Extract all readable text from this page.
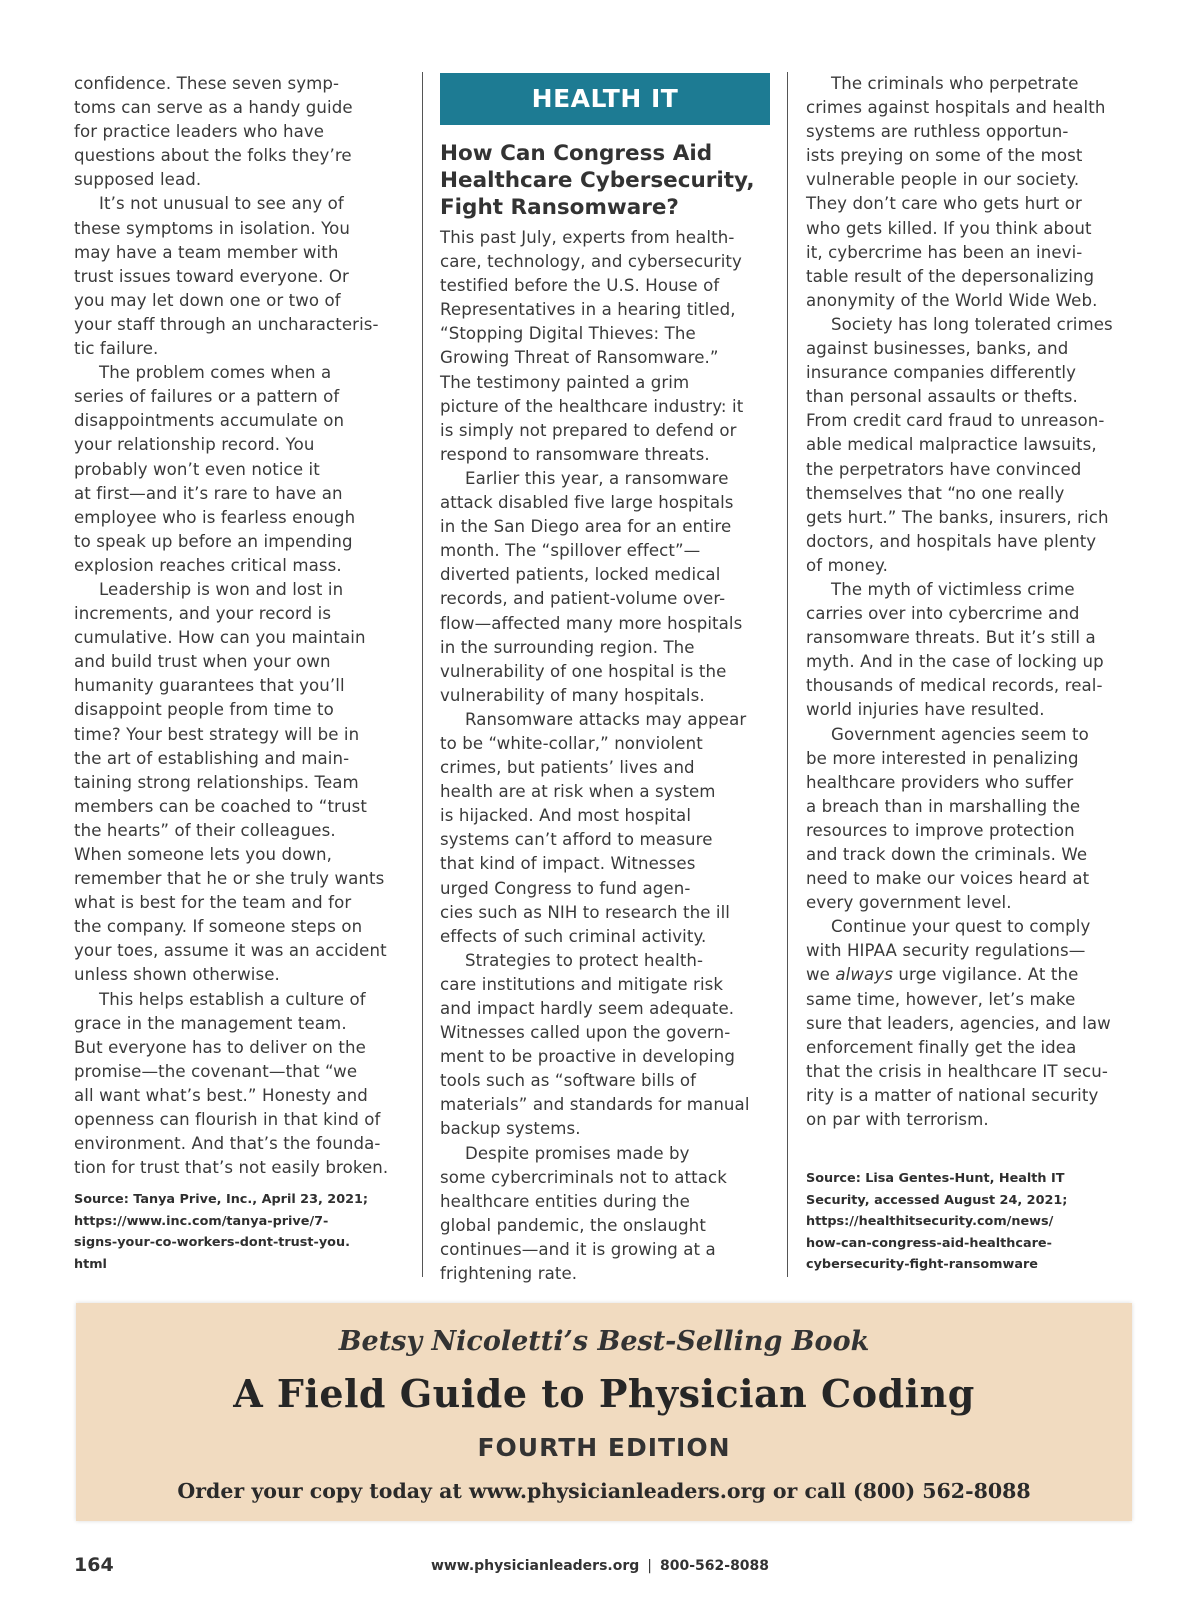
confidence. These seven symp-

toms can serve as a handy guide

for practice leaders who have

questions about the folks they’re

supposed lead.

It’s not unusual to see any of

these symptoms in isolation. You

may have a team member with

trust issues toward everyone. Or

you may let down one or two of

your staff through an uncharacteris-

tic failure.

The problem comes when a

series of failures or a pattern of

disappointments accumulate on

your relationship record. You

probably won’t even notice it

at first—and it’s rare to have an

employee who is fearless enough

to speak up before an impending

explosion reaches critical mass.

Leadership is won and lost in

increments, and your record is

cumulative. How can you maintain

and build trust when your own

humanity guarantees that you’ll

disappoint people from time to

time? Your best strategy will be in

the art of establishing and main-

taining strong relationships. Team

members can be coached to “trust

the hearts” of their colleagues.

When someone lets you down,

remember that he or she truly wants

what is best for the team and for

the company. If someone steps on

your toes, assume it was an accident

unless shown otherwise.

This helps establish a culture of

grace in the management team.

But everyone has to deliver on the

promise—the covenant—that “we

all want what’s best.” Honesty and

openness can flourish in that kind of

environment. And that’s the founda-

tion for trust that’s not easily broken.

Source: Tanya Prive, Inc., April 23, 2021;
https://www.inc.com/tanya-prive/7-
signs-your-co-workers-dont-trust-you.
html
HEALTH IT
How Can Congress Aid
Healthcare Cybersecurity,
Fight Ransomware?

This past July, experts from health-

care, technology, and cybersecurity

testified before the U.S. House of

Representatives in a hearing titled,

“Stopping Digital Thieves: The

Growing Threat of Ransomware.”

The testimony painted a grim

picture of the healthcare industry: it

is simply not prepared to defend or

respond to ransomware threats.

Earlier this year, a ransomware

attack disabled five large hospitals

in the San Diego area for an entire

month. The “spillover effect”—

diverted patients, locked medical

records, and patient-volume over-

flow—affected many more hospitals

in the surrounding region. The

vulnerability of one hospital is the

vulnerability of many hospitals.

Ransomware attacks may appear

to be “white-collar,” nonviolent

crimes, but patients’ lives and

health are at risk when a system

is hijacked. And most hospital

systems can’t afford to measure

that kind of impact. Witnesses

urged Congress to fund agen-

cies such as NIH to research the ill

effects of such criminal activity.

Strategies to protect health-

care institutions and mitigate risk

and impact hardly seem adequate.

Witnesses called upon the govern-

ment to be proactive in developing

tools such as “software bills of

materials” and standards for manual

backup systems.

Despite promises made by

some cybercriminals not to attack

healthcare entities during the

global pandemic, the onslaught

continues—and it is growing at a

frightening rate.

The criminals who perpetrate

crimes against hospitals and health

systems are ruthless opportun-

ists preying on some of the most

vulnerable people in our society.

They don’t care who gets hurt or

who gets killed. If you think about

it, cybercrime has been an inevi-

table result of the depersonalizing

anonymity of the World Wide Web.

Society has long tolerated crimes

against businesses, banks, and

insurance companies differently

than personal assaults or thefts.

From credit card fraud to unreason-

able medical malpractice lawsuits,

the perpetrators have convinced

themselves that “no one really

gets hurt.” The banks, insurers, rich

doctors, and hospitals have plenty

of money.

The myth of victimless crime

carries over into cybercrime and

ransomware threats. But it’s still a

myth. And in the case of locking up

thousands of medical records, real-

world injuries have resulted.

Government agencies seem to

be more interested in penalizing

healthcare providers who suffer

a breach than in marshalling the

resources to improve protection

and track down the criminals. We

need to make our voices heard at

every government level.

Continue your quest to comply

with HIPAA security regulations—

we always urge vigilance. At the

same time, however, let’s make

sure that leaders, agencies, and law

enforcement finally get the idea

that the crisis in healthcare IT secu-

rity is a matter of national security

on par with terrorism.

Source: Lisa Gentes-Hunt, Health IT
Security, accessed August 24, 2021;
https://healthitsecurity.com/news/
how-can-congress-aid-healthcare-
cybersecurity-fight-ransomware
Betsy Nicoletti’s Best-Selling Book
A Field Guide to Physician Coding
FOURTH EDITION
Order your copy today at www.physicianleaders.org or call (800) 562-8088
164	www.physicianleaders.org | 800-562-8088
